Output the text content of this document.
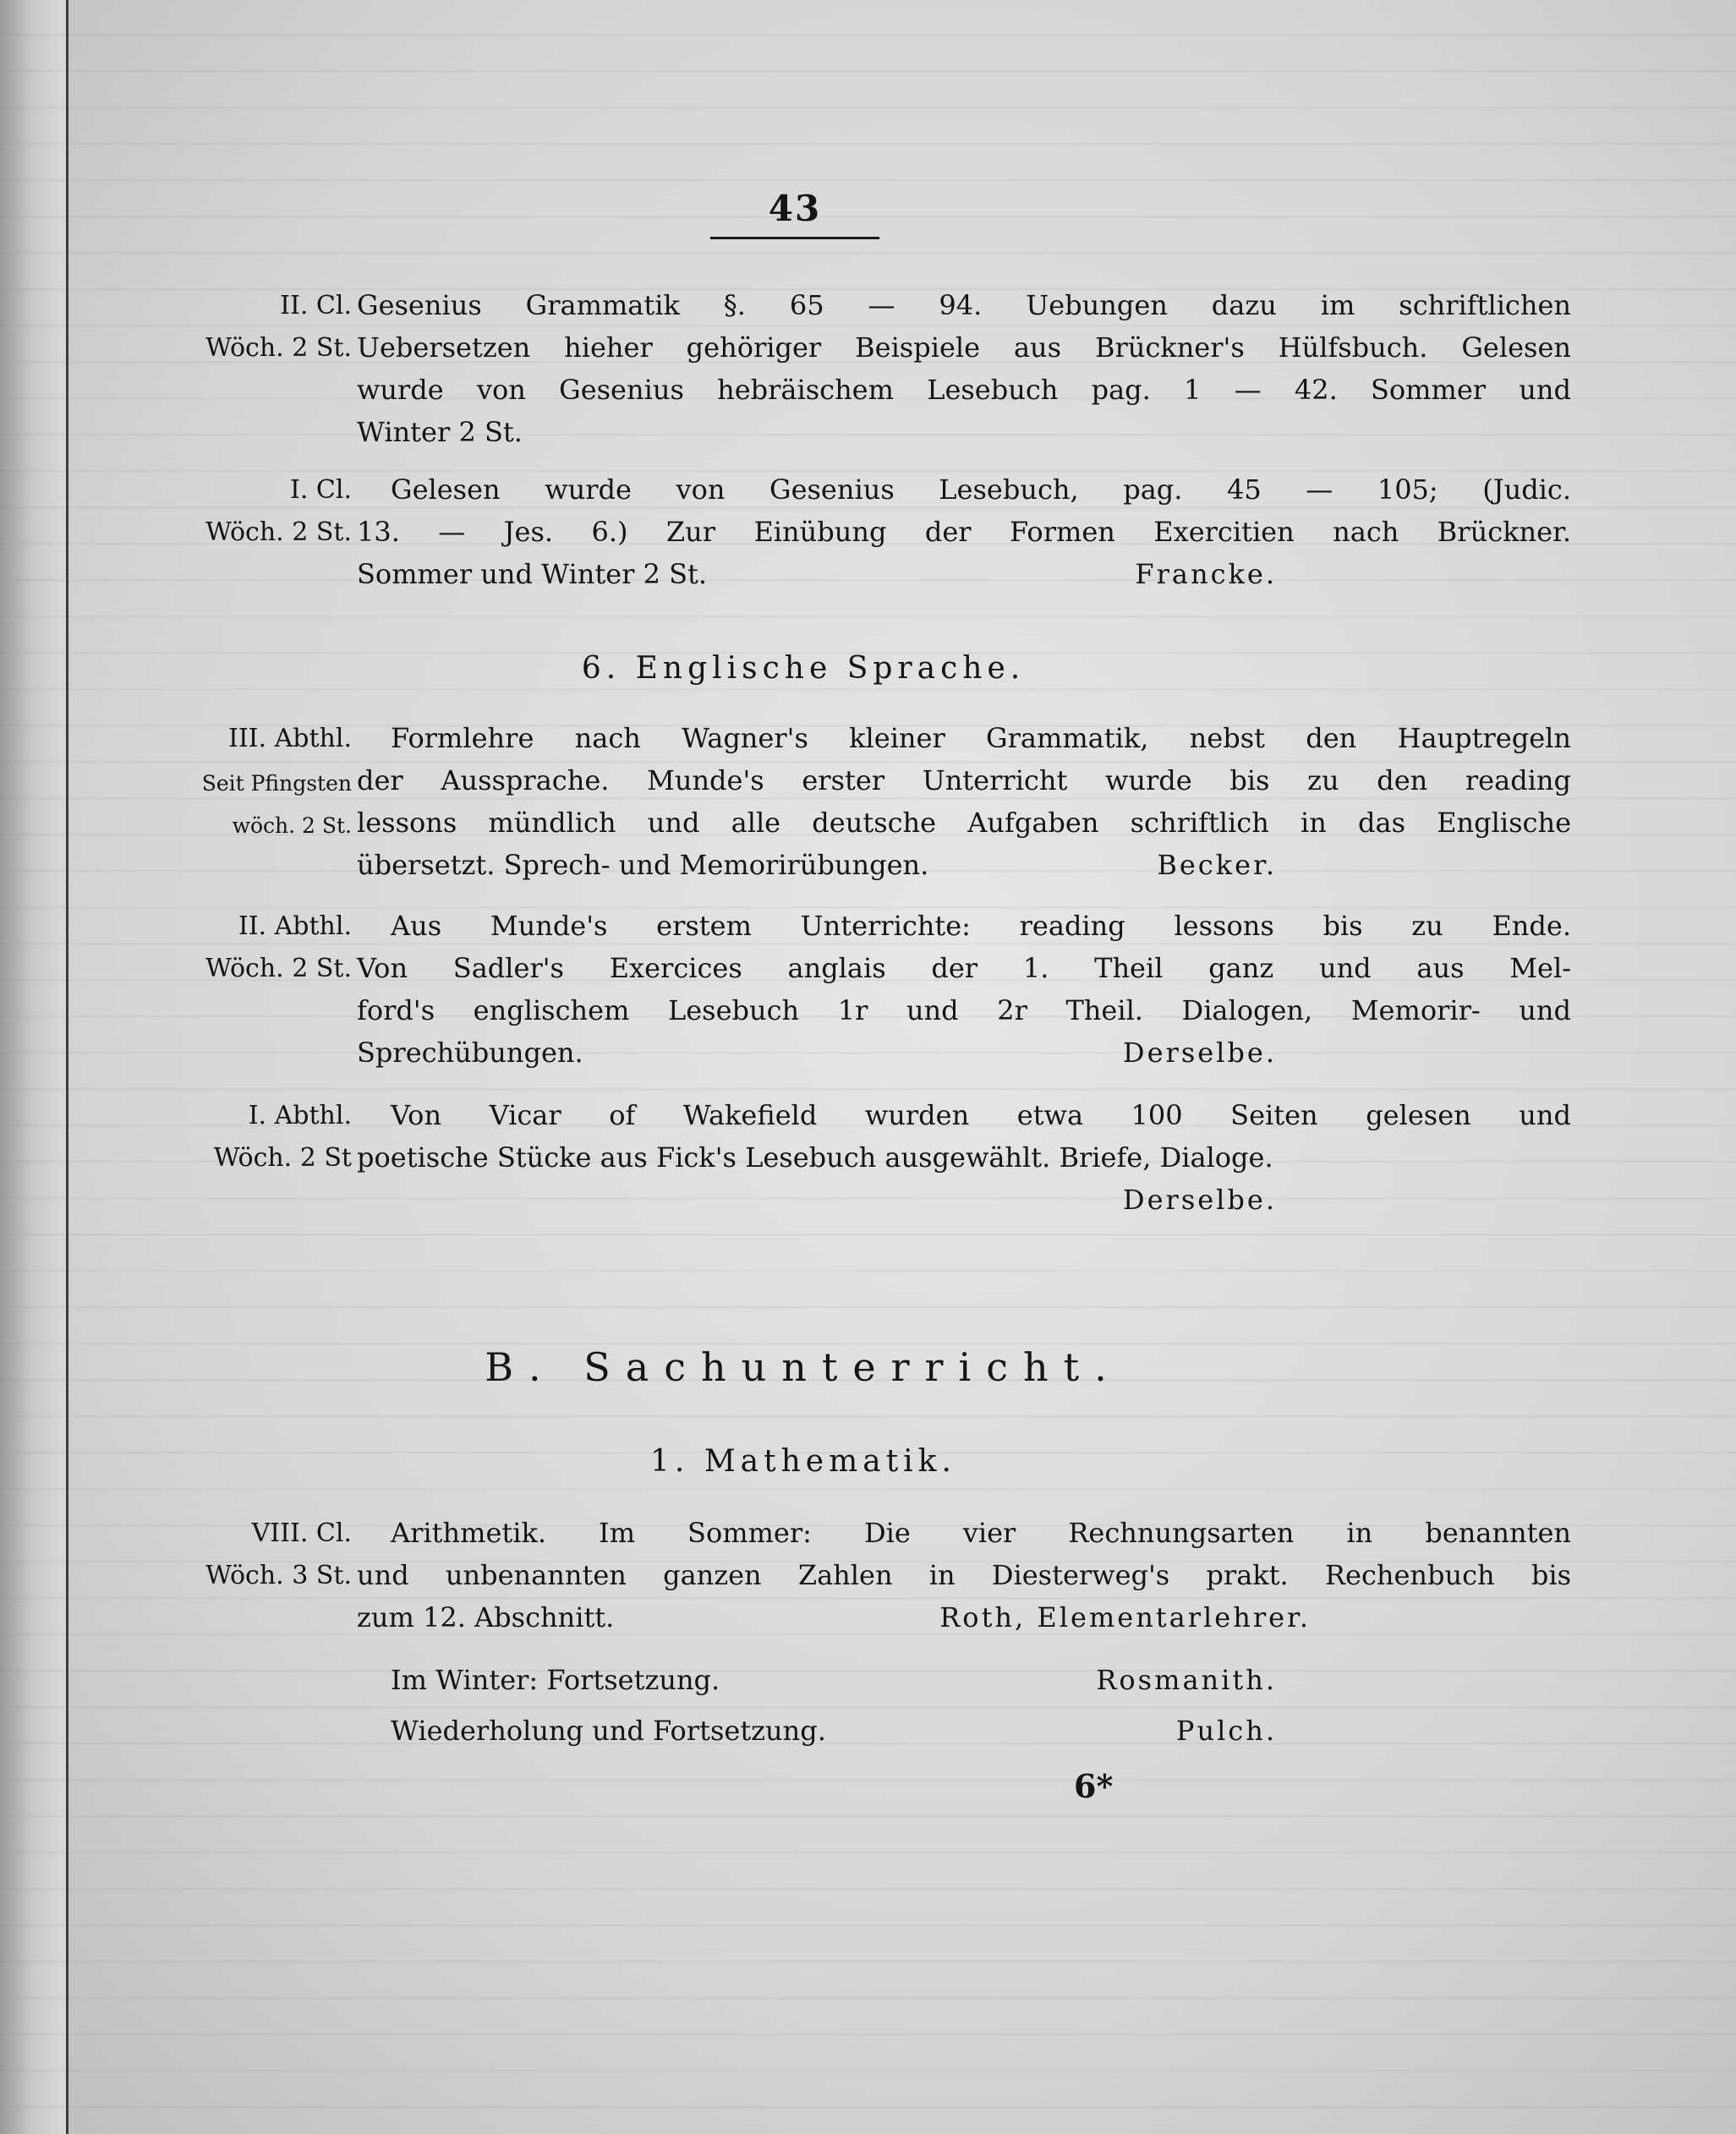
43
II. Cl. Gesenius Grammatik §. 65 — 94. Uebungen dazu im schriftlichen
Wöch. 2 St. Uebersetzen hieher gehöriger Beispiele aus Brückner's Hülfsbuch. Gelesen
wurde von Gesenius hebräischem Lesebuch pag. 1 — 42. Sommer und
Winter 2 St.
I. Cl. Gelesen wurde von Gesenius Lesebuch, pag. 45 — 105; (Judic.
Wöch. 2 St. 13. — Jes. 6.) Zur Einübung der Formen Exercitien nach Brückner.
Sommer und Winter 2 St.	Francke.
6. Englische Sprache.
III. Abthl. Formlehre nach Wagner's kleiner Grammatik, nebst den Hauptregeln
Seit Pfingsten der Aussprache. Munde's erster Unterricht wurde bis zu den reading
wöch. 2 St. lessons mündlich und alle deutsche Aufgaben schriftlich in das Englische
übersetzt. Sprech- und Memorirübungen.	Becker.
II. Abthl. Aus Munde's erstem Unterrichte: reading lessons bis zu Ende.
Wöch. 2 St. Von Sadler's Exercices anglais der 1. Theil ganz und aus Mel-
ford's englischem Lesebuch 1r und 2r Theil. Dialogen, Memorir- und
Sprechübungen.	Derselbe.
I. Abthl. Von Vicar of Wakefield wurden etwa 100 Seiten gelesen und
Wöch. 2 St poetische Stücke aus Fick's Lesebuch ausgewählt. Briefe, Dialoge.
Derselbe.
B. Sachunterricht.
1. Mathematik.
VIII. Cl. Arithmetik. Im Sommer: Die vier Rechnungsarten in benannten
Wöch. 3 St. und unbenannten ganzen Zahlen in Diesterweg's prakt. Rechenbuch bis
zum 12. Abschnitt.	Roth, Elementarlehrer.
Im Winter: Fortsetzung.	Rosmanith.
Wiederholung und Fortsetzung.	Pulch.
6*
